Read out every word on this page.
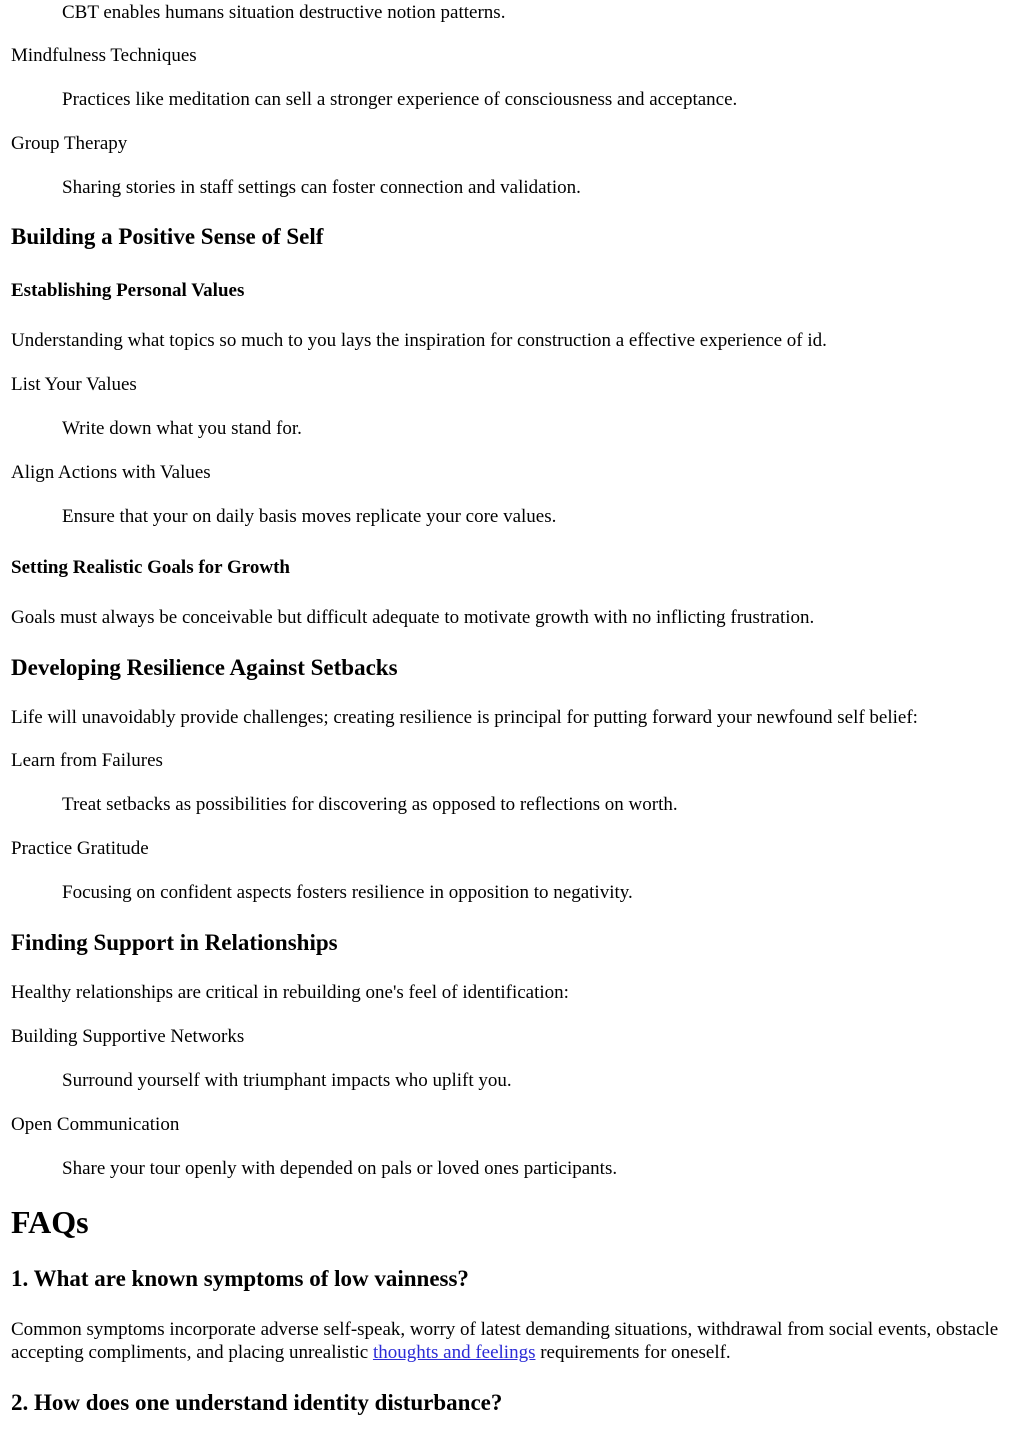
CBT enables humans situation destructive notion patterns.
Mindfulness Techniques
Practices like meditation can sell a stronger experience of consciousness and acceptance.
Group Therapy
Sharing stories in staff settings can foster connection and validation.
Building a Positive Sense of Self
Establishing Personal Values

Understanding what topics so much to you lays the inspiration for construction a effective experience of id.

List Your Values
Write down what you stand for.
Align Actions with Values
Ensure that your on daily basis moves replicate your core values.
Setting Realistic Goals for Growth

Goals must always be conceivable but difficult adequate to motivate growth with no inflicting frustration.

Developing Resilience Against Setbacks

Life will unavoidably provide challenges; creating resilience is principal for putting forward your newfound self belief:

Learn from Failures
Treat setbacks as possibilities for discovering as opposed to reflections on worth.
Practice Gratitude
Focusing on confident aspects fosters resilience in opposition to negativity.
Finding Support in Relationships

Healthy relationships are critical in rebuilding one's feel of identification:

Building Supportive Networks
Surround yourself with triumphant impacts who uplift you.
Open Communication
Share your tour openly with depended on pals or loved ones participants.
FAQs
1. What are known symptoms of low vainness?

Common symptoms incorporate adverse self-speak, worry of latest demanding situations, withdrawal from social events, obstacle accepting compliments, and placing unrealistic thoughts and feelings requirements for oneself.

2. How does one understand identity disturbance?
